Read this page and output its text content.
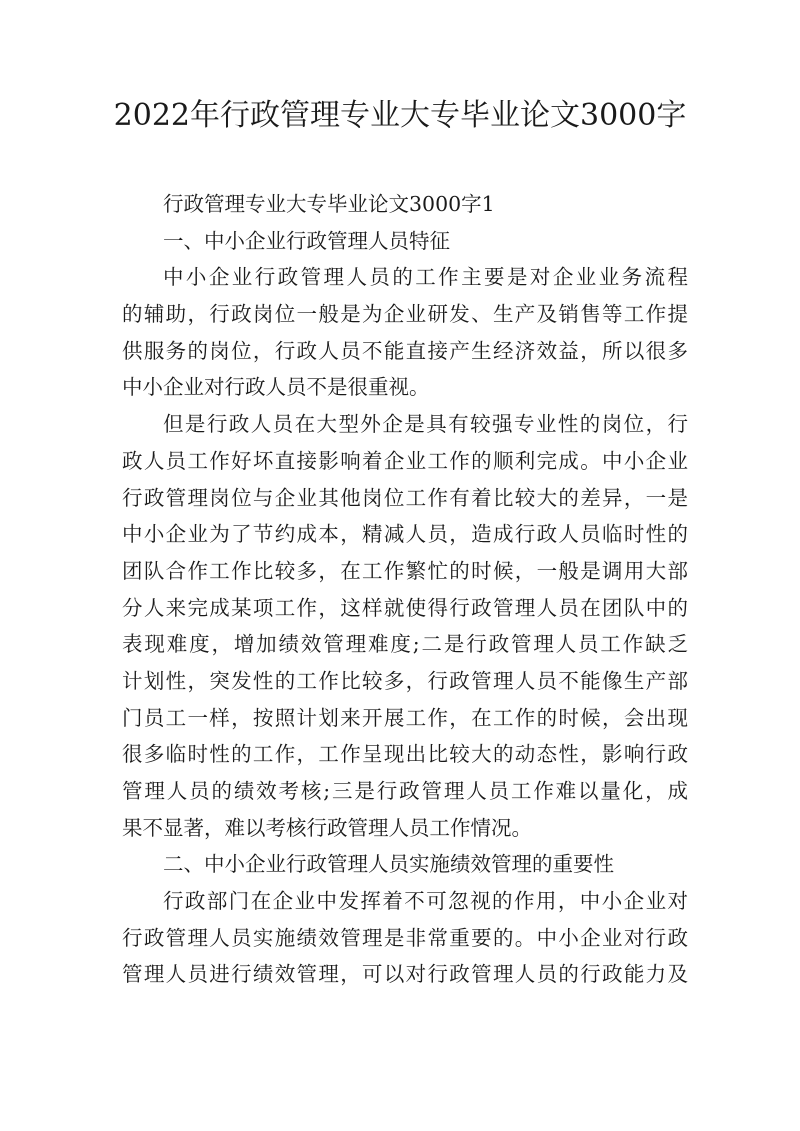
2022年行政管理专业大专毕业论文3000字
行政管理专业大专毕业论文3000字1
一、中小企业行政管理人员特征
中小企业行政管理人员的工作主要是对企业业务流程
的辅助，行政岗位一般是为企业研发、生产及销售等工作提
供服务的岗位，行政人员不能直接产生经济效益，所以很多
中小企业对行政人员不是很重视。
但是行政人员在大型外企是具有较强专业性的岗位，行
政人员工作好坏直接影响着企业工作的顺利完成。中小企业
行政管理岗位与企业其他岗位工作有着比较大的差异，一是
中小企业为了节约成本，精减人员，造成行政人员临时性的
团队合作工作比较多，在工作繁忙的时候，一般是调用大部
分人来完成某项工作，这样就使得行政管理人员在团队中的
表现难度，增加绩效管理难度;二是行政管理人员工作缺乏
计划性，突发性的工作比较多，行政管理人员不能像生产部
门员工一样，按照计划来开展工作，在工作的时候，会出现
很多临时性的工作，工作呈现出比较大的动态性，影响行政
管理人员的绩效考核;三是行政管理人员工作难以量化，成
果不显著，难以考核行政管理人员工作情况。
二、中小企业行政管理人员实施绩效管理的重要性
行政部门在企业中发挥着不可忽视的作用，中小企业对
行政管理人员实施绩效管理是非常重要的。中小企业对行政
管理人员进行绩效管理，可以对行政管理人员的行政能力及
